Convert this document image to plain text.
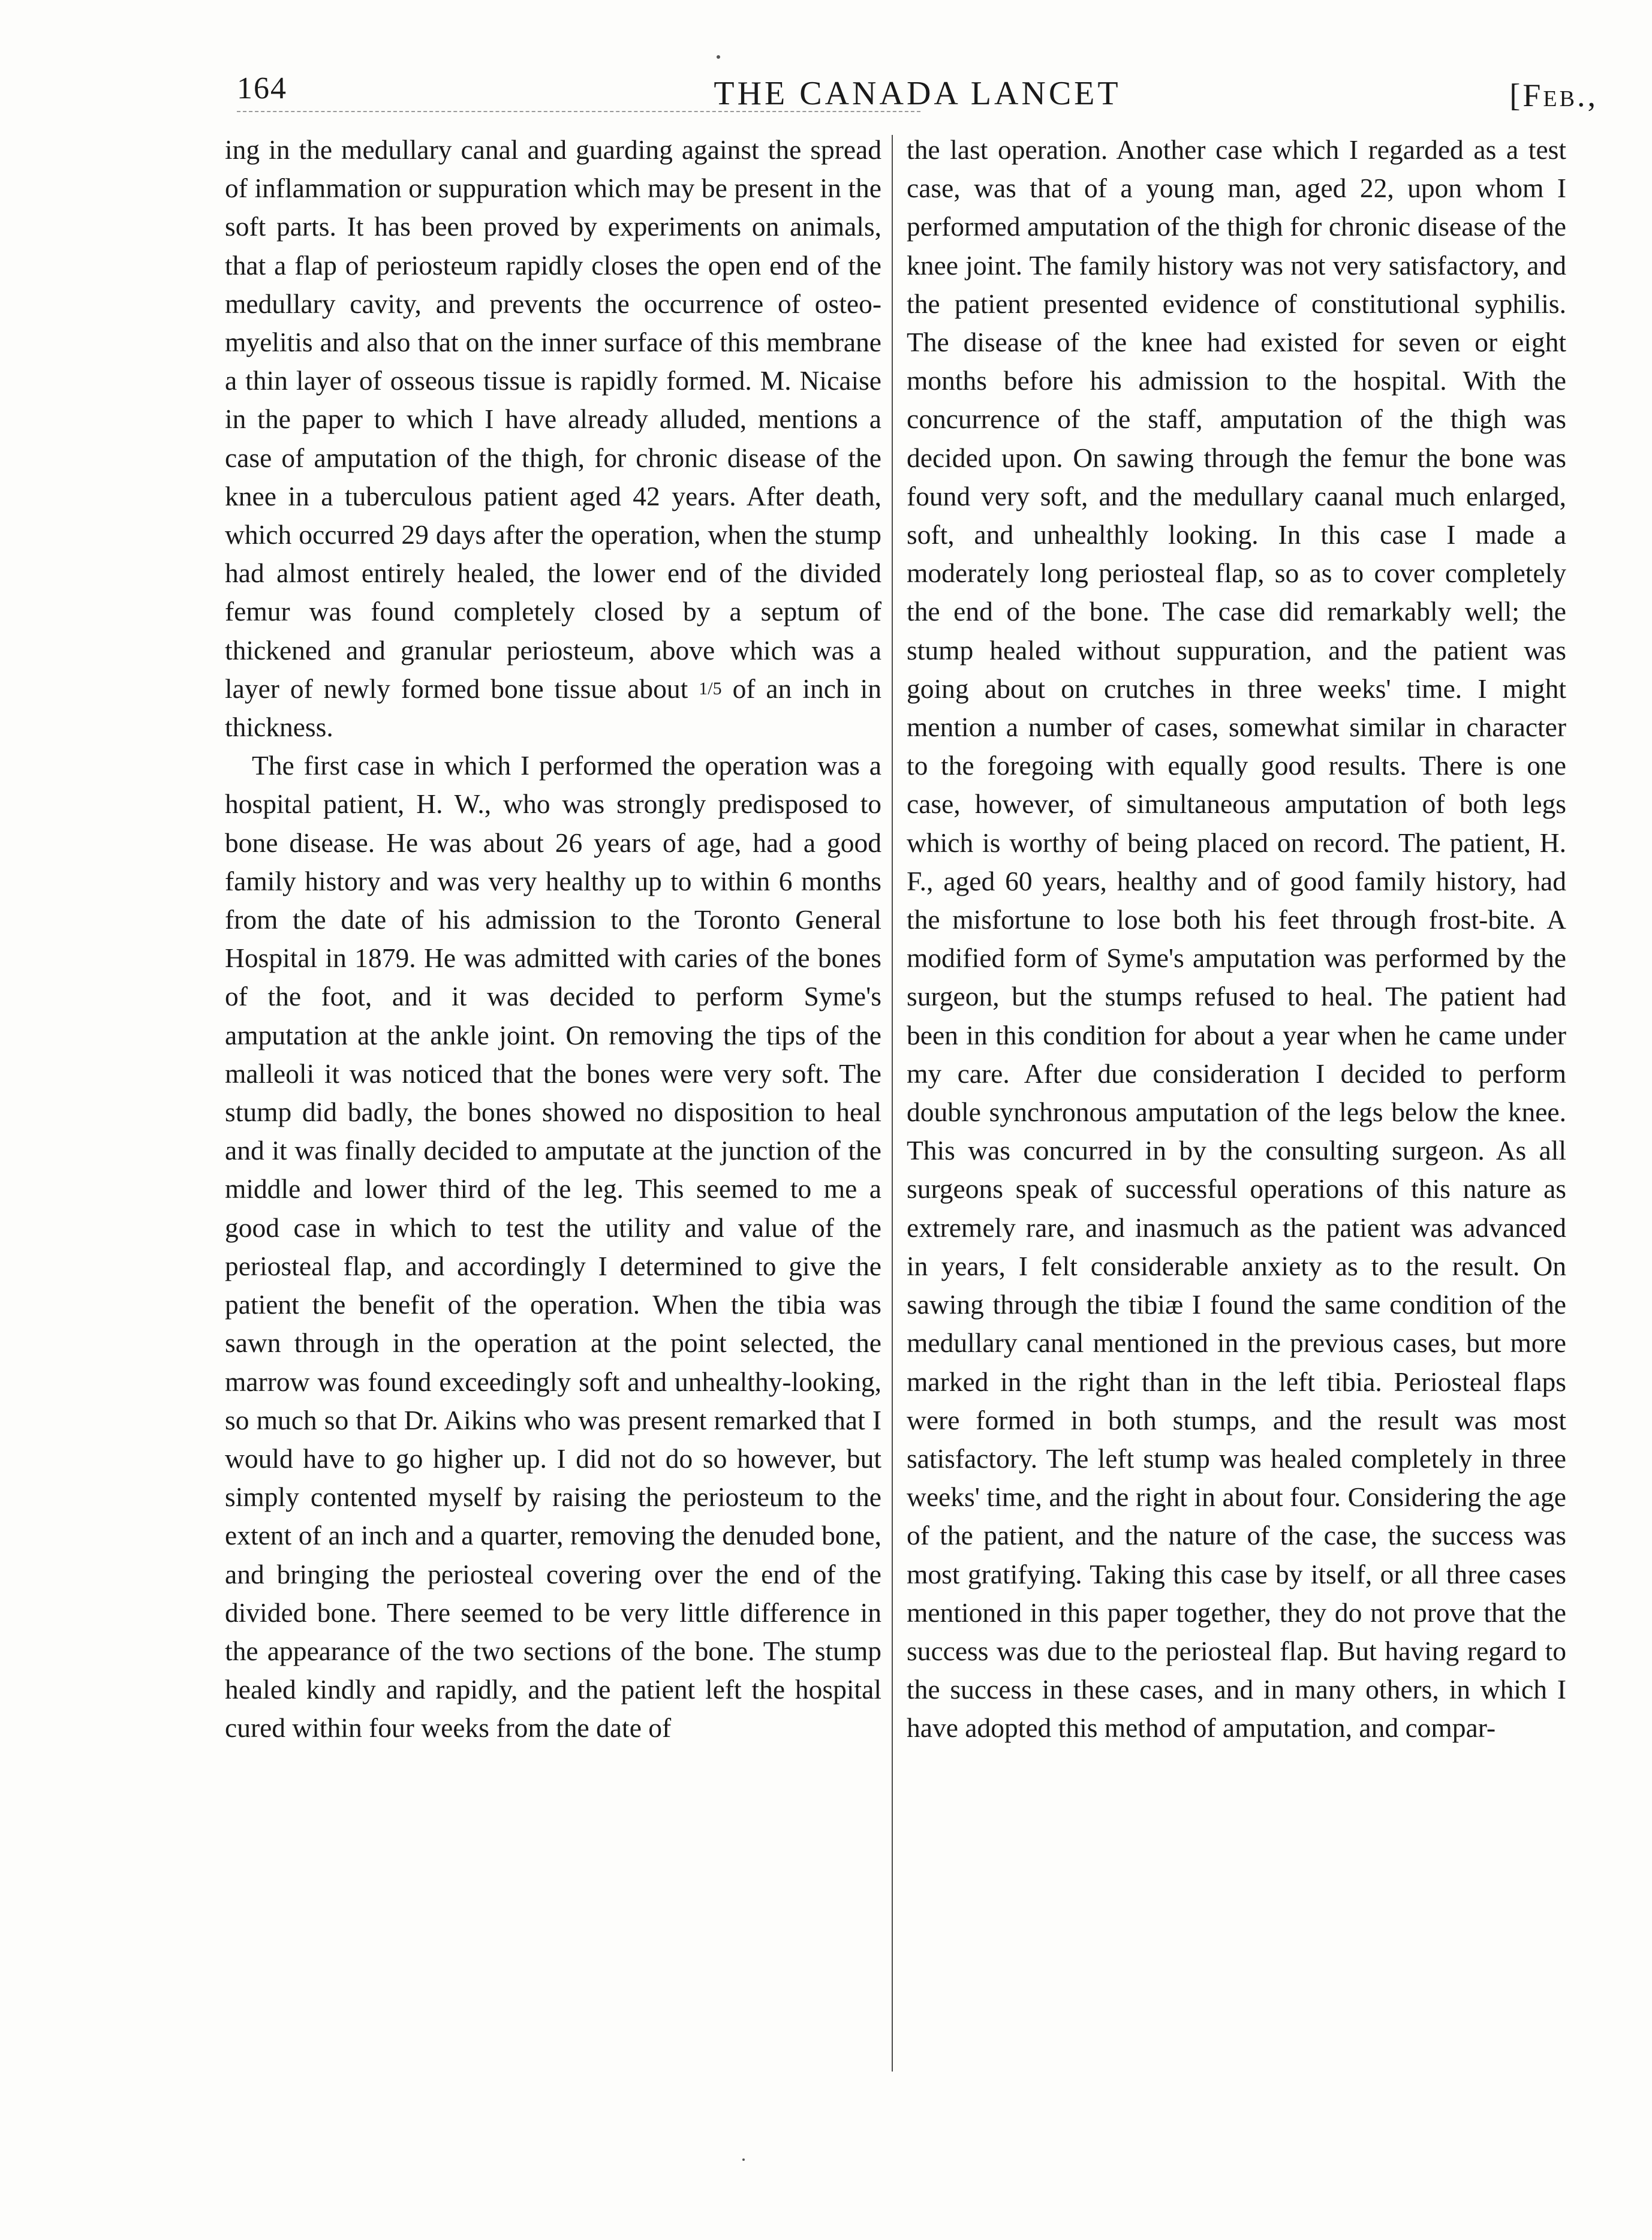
164	THE CANADA LANCET	[Feb.,

ing in the medullary canal and guarding against the spread of inflammation or suppuration which may be present in the soft parts. It has been proved by experiments on animals, that a flap of periosteum rapidly closes the open end of the medullary cavity, and prevents the occurrence of osteo-myelitis and also that on the inner surface of this membrane a thin layer of osseous tissue is rapidly formed. M. Nicaise in the paper to which I have already alluded, mentions a case of amputation of the thigh, for chronic disease of the knee in a tuberculous patient aged 42 years. After death, which occurred 29 days after the operation, when the stump had almost entirely healed, the lower end of the divided femur was found completely closed by a septum of thickened and granular periosteum, above which was a layer of newly formed bone tissue about 1/5 of an inch in thickness.

The first case in which I performed the operation was a hospital patient, H. W., who was strongly predisposed to bone disease. He was about 26 years of age, had a good family history and was very healthy up to within 6 months from the date of his admission to the Toronto General Hospital in 1879. He was admitted with caries of the bones of the foot, and it was decided to perform Syme's amputation at the ankle joint. On removing the tips of the malleoli it was noticed that the bones were very soft. The stump did badly, the bones showed no disposition to heal and it was finally decided to amputate at the junction of the middle and lower third of the leg. This seemed to me a good case in which to test the utility and value of the periosteal flap, and accordingly I determined to give the patient the benefit of the operation. When the tibia was sawn through in the operation at the point selected, the marrow was found exceedingly soft and unhealthy-looking, so much so that Dr. Aikins who was present remarked that I would have to go higher up. I did not do so however, but simply contented myself by raising the periosteum to the extent of an inch and a quarter, removing the denuded bone, and bringing the periosteal covering over the end of the divided bone. There seemed to be very little difference in the appearance of the two sections of the bone. The stump healed kindly and rapidly, and the patient left the hospital cured within four weeks from the date of

the last operation. Another case which I regarded as a test case, was that of a young man, aged 22, upon whom I performed amputation of the thigh for chronic disease of the knee joint. The family history was not very satisfactory, and the patient presented evidence of constitutional syphilis. The disease of the knee had existed for seven or eight months before his admission to the hospital. With the concurrence of the staff, amputation of the thigh was decided upon. On sawing through the femur the bone was found very soft, and the medullary caanal much enlarged, soft, and unhealthly looking. In this case I made a moderately long periosteal flap, so as to cover completely the end of the bone. The case did remarkably well; the stump healed without suppuration, and the patient was going about on crutches in three weeks' time. I might mention a number of cases, somewhat similar in character to the foregoing with equally good results. There is one case, however, of simultaneous amputation of both legs which is worthy of being placed on record. The patient, H. F., aged 60 years, healthy and of good family history, had the misfortune to lose both his feet through frost-bite. A modified form of Syme's amputation was performed by the surgeon, but the stumps refused to heal. The patient had been in this condition for about a year when he came under my care. After due consideration I decided to perform double synchronous amputation of the legs below the knee. This was concurred in by the consulting surgeon. As all surgeons speak of successful operations of this nature as extremely rare, and inasmuch as the patient was advanced in years, I felt considerable anxiety as to the result. On sawing through the tibiæ I found the same condition of the medullary canal mentioned in the previous cases, but more marked in the right than in the left tibia. Periosteal flaps were formed in both stumps, and the result was most satisfactory. The left stump was healed completely in three weeks' time, and the right in about four. Considering the age of the patient, and the nature of the case, the success was most gratifying. Taking this case by itself, or all three cases mentioned in this paper together, they do not prove that the success was due to the periosteal flap. But having regard to the success in these cases, and in many others, in which I have adopted this method of amputation, and compar-
